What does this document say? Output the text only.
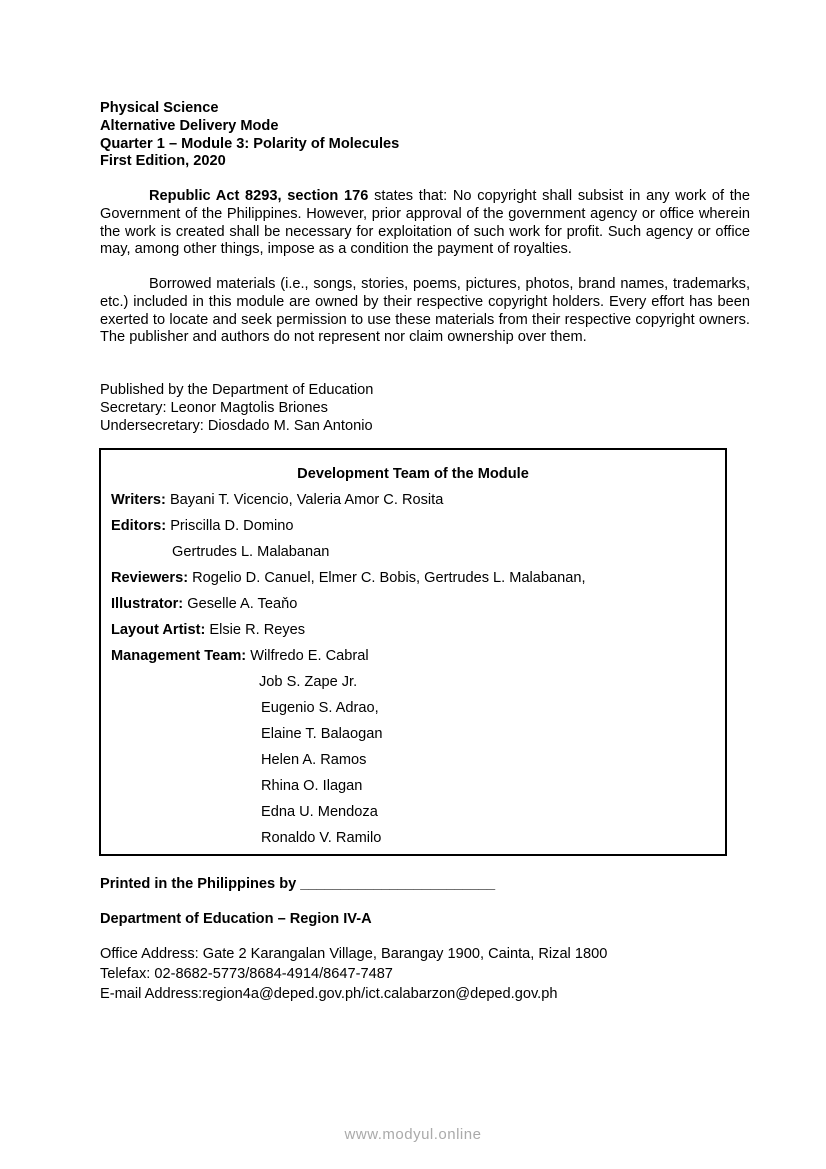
Physical Science
Alternative Delivery Mode
Quarter 1 – Module 3: Polarity of Molecules
First Edition, 2020

Republic Act 8293, section 176 states that: No copyright shall subsist in any work of the Government of the Philippines. However, prior approval of the government agency or office wherein the work is created shall be necessary for exploitation of such work for profit. Such agency or office may, among other things, impose as a condition the payment of royalties.

Borrowed materials (i.e., songs, stories, poems, pictures, photos, brand names, trademarks, etc.) included in this module are owned by their respective copyright holders. Every effort has been exerted to locate and seek permission to use these materials from their respective copyright owners. The publisher and authors do not represent nor claim ownership over them.

Published by the Department of Education
Secretary: Leonor Magtolis Briones
Undersecretary: Diosdado M. San Antonio
Development Team of the Module
Writers: Bayani T. Vicencio, Valeria Amor C. Rosita
Editors: Priscilla D. Domino
Gertrudes L. Malabanan
Reviewers: Rogelio D. Canuel, Elmer C. Bobis, Gertrudes L. Malabanan,
Illustrator: Geselle A. Teaňo
Layout Artist: Elsie R. Reyes
Management Team: Wilfredo E. Cabral
Job S. Zape Jr.
Eugenio S. Adrao,
Elaine T. Balaogan
Helen A. Ramos
Rhina O. Ilagan
Edna U. Mendoza
Ronaldo V. Ramilo
Printed in the Philippines by ________________________
Department of Education – Region IV-A
Office Address: Gate 2 Karangalan Village, Barangay 1900, Cainta, Rizal 1800
Telefax: 02-8682-5773/8684-4914/8647-7487
E-mail Address:region4a@deped.gov.ph/ict.calabarzon@deped.gov.ph
www.modyul.online
